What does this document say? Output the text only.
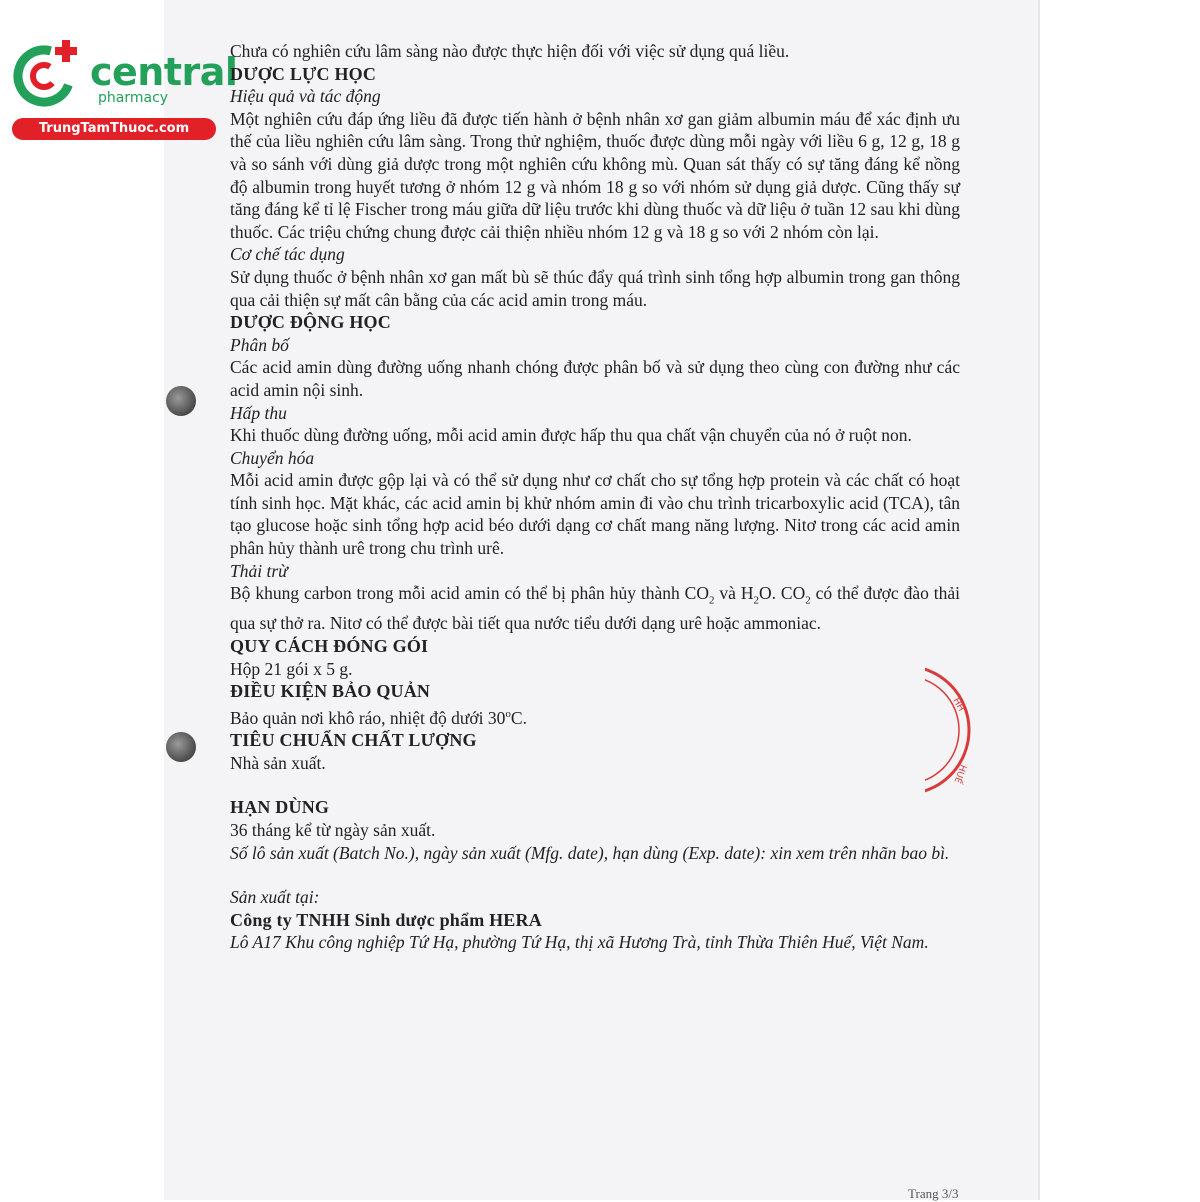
central
pharmacy
TrungTamThuoc.com

Chưa có nghiên cứu lâm sàng nào được thực hiện đối với việc sử dụng quá liều.

DƯỢC LỰC HỌC

Hiệu quả và tác động

Một nghiên cứu đáp ứng liều đã được tiến hành ở bệnh nhân xơ gan giảm albumin máu để xác định ưu thế của liều nghiên cứu lâm sàng. Trong thử nghiệm, thuốc được dùng mỗi ngày với liều 6 g, 12 g, 18 g và so sánh với dùng giả dược trong một nghiên cứu không mù. Quan sát thấy có sự tăng đáng kể nồng độ albumin trong huyết tương ở nhóm 12 g và nhóm 18 g so với nhóm sử dụng giả dược. Cũng thấy sự tăng đáng kể tỉ lệ Fischer trong máu giữa dữ liệu trước khi dùng thuốc và dữ liệu ở tuần 12 sau khi dùng thuốc. Các triệu chứng chung được cải thiện nhiều nhóm 12 g và 18 g so với 2 nhóm còn lại.

Cơ chế tác dụng

Sử dụng thuốc ở bệnh nhân xơ gan mất bù sẽ thúc đẩy quá trình sinh tổng hợp albumin trong gan thông qua cải thiện sự mất cân bằng của các acid amin trong máu.

DƯỢC ĐỘNG HỌC

Phân bố

Các acid amin dùng đường uống nhanh chóng được phân bố và sử dụng theo cùng con đường như các acid amin nội sinh.

Hấp thu

Khi thuốc dùng đường uống, mỗi acid amin được hấp thu qua chất vận chuyển của nó ở ruột non.

Chuyển hóa

Mỗi acid amin được gộp lại và có thể sử dụng như cơ chất cho sự tổng hợp protein và các chất có hoạt tính sinh học. Mặt khác, các acid amin bị khử nhóm amin đi vào chu trình tricarboxylic acid (TCA), tân tạo glucose hoặc sinh tổng hợp acid béo dưới dạng cơ chất mang năng lượng. Nitơ trong các acid amin phân hủy thành urê trong chu trình urê.

Thải trừ

Bộ khung carbon trong mỗi acid amin có thể bị phân hủy thành $CO_2$ và $H_2O$. $CO_2$ có thể được đào thải qua sự thở ra. Nitơ có thể được bài tiết qua nước tiểu dưới dạng urê hoặc ammoniac.

QUY CÁCH ĐÓNG GÓI

Hộp 21 gói x 5 g.

ĐIỀU KIỆN BẢO QUẢN

Bảo quản nơi khô ráo, nhiệt độ dưới 30$^o$C.

TIÊU CHUẨN CHẤT LƯỢNG

Nhà sản xuất.

HẠN DÙNG

36 tháng kể từ ngày sản xuất.

Số lô sản xuất (Batch No.), ngày sản xuất (Mfg. date), hạn dùng (Exp. date): xin xem trên nhãn bao bì.

Sản xuất tại:

Công ty TNHH Sinh dược phẩm HERA

Lô A17 Khu công nghiệp Tứ Hạ, phường Tứ Hạ, thị xã Hương Trà, tỉnh Thừa Thiên Huế, Việt Nam.

HH
HUẾ
Trang 3/3
